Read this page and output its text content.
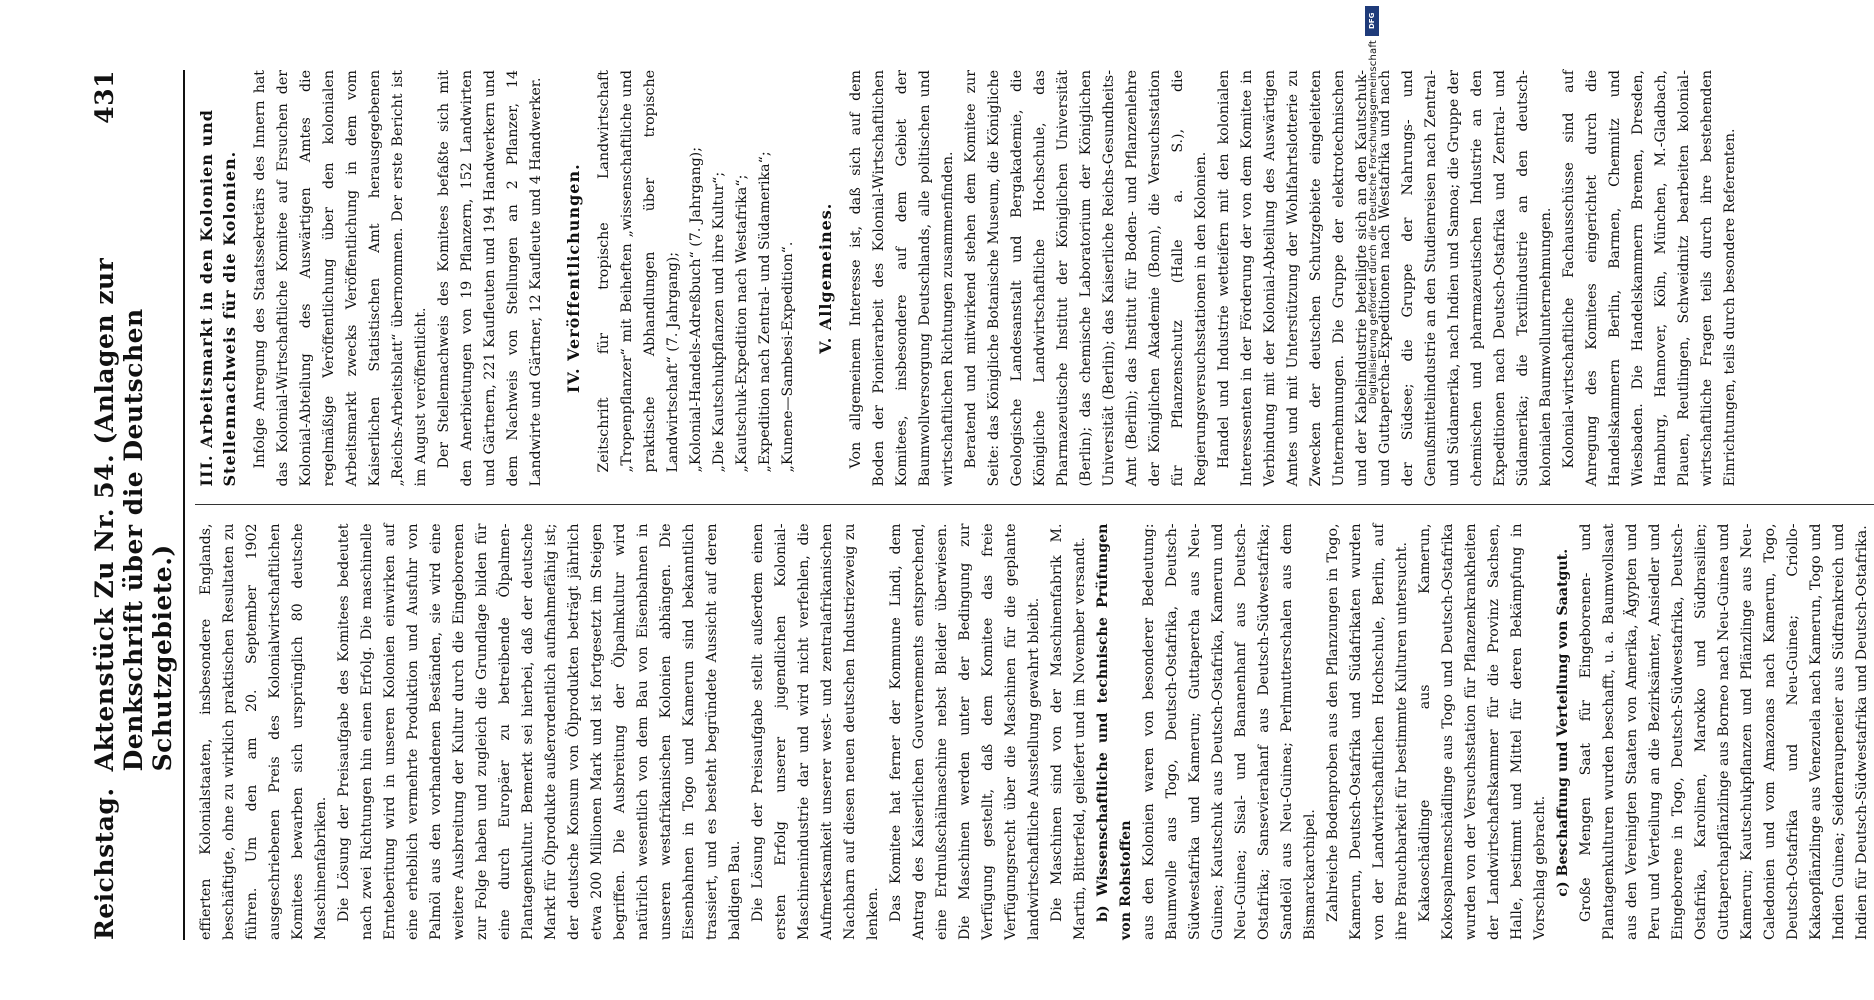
Reichstag.
Aktenstück Zu Nr. 54. (Anlagen zur Denkschrift über die Deutschen Schutzgebiete.)
431

effierten Kolonialstaaten, insbesondere Englands, beschäftigte, ohne zu wirklich praktischen Resultaten zu führen. Um den am 20. September 1902 ausgeschriebenen Preis des Kolonialwirtschaftlichen Komitees bewarben sich ursprünglich 80 deutsche Maschinenfabriken. Die Lösung der Preisaufgabe des Komitees bedeutet nach zwei Richtungen hin einen Erfolg. Die maschinelle Ernteberitung wird in unseren Kolonien einwirken auf eine erheblich vermehrte Produktion und Ausfuhr von Palmöl aus den vorhandenen Beständen, sie wird eine weitere Ausbreitung der Kultur durch die Eingeborenen zur Folge haben und zugleich die Grundlage bilden für eine durch Europäer zu betreibende Ölpalmen-Plantagenkultur. Bemerkt sei hierbei, daß der deutsche Markt für Ölprodukte außerordentlich aufnahmefähig ist; der deutsche Konsum von Ölprodukten beträgt jährlich etwa 200 Millionen Mark und ist fortgesetzt im Steigen begriffen. Die Ausbreitung der Ölpalmkultur wird natürlich wesentlich von dem Bau von Eisenbahnen in unseren westafrikanischen Kolonien abhängen. Die Eisenbahnen in Togo und Kamerun sind bekanntlich trassiert, und es besteht begründete Aussicht auf deren baldigen Bau. Die Lösung der Preisaufgabe stellt außerdem einen ersten Erfolg unserer jugendlichen Kolonial-Maschinenindustrie dar und wird nicht verfehlen, die Aufmerksamkeit unserer west- und zentralafrikanischen Nachbarn auf diesen neuen deutschen Industriezweig zu lenken. Das Komitee hat ferner der Kommune Lindi, dem Antrag des Kaiserlichen Gouvernements entsprechend, eine Erdnußschälmaschine nebst Bleider überwiesen. Die Maschinen werden unter der Bedingung zur Verfügung gestellt, daß dem Komitee das freie Verfügungsrecht über die Maschinen für die geplante landwirtschaftliche Ausstellung gewahrt bleibt. Die Maschinen sind von der Maschinenfabrik M. Martin, Bitterfeld, geliefert und im November versandt. b) Wissenschaftliche und technische Prüfungen von Rohstoffen aus den Kolonien waren von besonderer Bedeutung: Baumwolle aus Togo, Deutsch-Ostafrika, Deutsch-Südwestafrika und Kamerun; Guttapercha aus Neu-Guinea; Kautschuk aus Deutsch-Ostafrika, Kamerun und Neu-Guinea; Sisal- und Bananenhanf aus Deutsch-Ostafrika; Sansevierahanf aus Deutsch-Südwestafrika; Sandelöl aus Neu-Guinea; Perlmutterschalen aus dem Bismarckarchipel. Zahlreiche Bodenproben aus den Pflanzungen in Togo, Kamerun, Deutsch-Ostafrika und Südafrikaten wurden von der Landwirtschaftlichen Hochschule, Berlin, auf ihre Brauchbarkeit für bestimmte Kulturen untersucht. Kakaoschädlinge aus Kamerun, Kokospalmenschädlinge aus Togo und Deutsch-Ostafrika wurden von der Versuchsstation für Pflanzenkrankheiten der Landwirtschaftskammer für die Provinz Sachsen, Halle, bestimmt und Mittel für deren Bekämpfung in Vorschlag gebracht. c) Beschaffung und Verteilung von Saatgut. Große Mengen Saat für Eingeborenen- und Plantagenkulturen wurden beschafft, u. a. Baumwollsaat aus den Vereinigten Staaten von Amerika, Ägypten und Peru und Verteilung an die Bezirksämter, Ansiedler und Eingeborene in Togo, Deutsch-Südwestafrika, Deutsch-Ostafrika, Karolinen, Marokko und Südbrasilien; Guttaperchapflänzlinge aus Borneo nach Neu-Guinea und Kamerun; Kautschukpflanzen und Pflänzlinge aus Neu-Caledonien und vom Amazonas nach Kamerun, Togo, Deutsch-Ostafrika und Neu-Guinea; Criollo-Kakaopflänzlinge aus Venezuela nach Kamerun, Togo und Indien Guinea; Seidenraupeneier aus Südfrankreich und Indien für Deutsch-Südwestafrika und Deutsch-Ostafrika.

III. Arbeitsmarkt in den Kolonien und Stellennachweis für die Kolonien. Infolge Anregung des Staatssekretärs des Innern hat das Kolonial-Wirtschaftliche Komitee auf Ersuchen der Kolonial-Abteilung des Auswärtigen Amtes die regelmäßige Veröffentlichung über den kolonialen Arbeitsmarkt zwecks Veröffentlichung in dem vom Kaiserlichen Statistischen Amt herausgegebenen „Reichs-Arbeitsblatt“ übernommen. Der erste Bericht ist im August veröffentlicht. Der Stellennachweis des Komitees befaßte sich mit den Anerbietungen von 19 Pflanzern, 152 Landwirten und Gärtnern, 221 Kaufleuten und 194 Handwerkern und dem Nachweis von Stellungen an 2 Pflanzer, 14 Landwirte und Gärtner, 12 Kaufleute und 4 Handwerker. IV. Veröffentlichungen. Zeitschrift für tropische Landwirtschaft „Tropenpflanzer“ mit Beiheften „wissenschaftliche und praktische Abhandlungen über tropische Landwirtschaft“ (7. Jahrgang); „Kolonial-Handels-Adreßbuch“ (7. Jahrgang); „Die Kautschukpflanzen und ihre Kultur“; „Kautschuk-Expedition nach Westafrika“; „Expedition nach Zentral- und Südamerika“; „Kunene—Sambesi-Expedition“. V. Allgemeines. Von allgemeinem Interesse ist, daß sich auf dem Boden der Pionierarbeit des Kolonial-Wirtschaftlichen Komitees, insbesondere auf dem Gebiet der Baumwollversorgung Deutschlands, alle politischen und wirtschaftlichen Richtungen zusammenfinden. Beratend und mitwirkend stehen dem Komitee zur Seite: das Königliche Botanische Museum, die Königliche Geologische Landesanstalt und Bergakademie, die Königliche Landwirtschaftliche Hochschule, das Pharmazeutische Institut der Königlichen Universität (Berlin); das chemische Laboratorium der Königlichen Universität (Berlin); das Kaiserliche Reichs-Gesundheits-Amt (Berlin); das Institut für Boden- und Pflanzenlehre der Königlichen Akademie (Bonn), die Versuchsstation für Pflanzenschutz (Halle a. S.), die Regierungsversuchsstationen in den Kolonien. Handel und Industrie wetteifern mit den kolonialen Interessenten in der Förderung der von dem Komitee in Verbindung mit der Kolonial-Abteilung des Auswärtigen Amtes und mit Unterstützung der Wohlfahrtslotterie zu Zwecken der deutschen Schutzgebiete eingeleiteten Unternehmungen. Die Gruppe der elektrotechnischen und der Kabelindustrie beteiligte sich an den Kautschuk- und Guttapercha-Expeditionen nach Westafrika und nach der Südsee; die Gruppe der Nahrungs- und Genußmittelindustrie an den Studienreisen nach Zentral- und Südamerika, nach Indien und Samoa; die Gruppe der chemischen und pharmazeutischen Industrie an den Expeditionen nach Deutsch-Ostafrika und Zentral- und Südamerika; die Textilindustrie an den deutsch-kolonialen Baumwollunternehmungen. Kolonial-wirtschaftliche Fachausschüsse sind auf Anregung des Komitees eingerichtet durch die Handelskammern Berlin, Barmen, Chemnitz und Wiesbaden. Die Handelskammern Bremen, Dresden, Hamburg, Hannover, Köln, München, M.-Gladbach, Plauen, Reutlingen, Schweidnitz bearbeiten kolonial-wirtschaftliche Fragen teils durch ihre bestehenden Einrichtungen, teils durch besondere Referenten.

DFG
Digitalisierung gefördert durch die Deutsche Forschungsgemeinschaft
